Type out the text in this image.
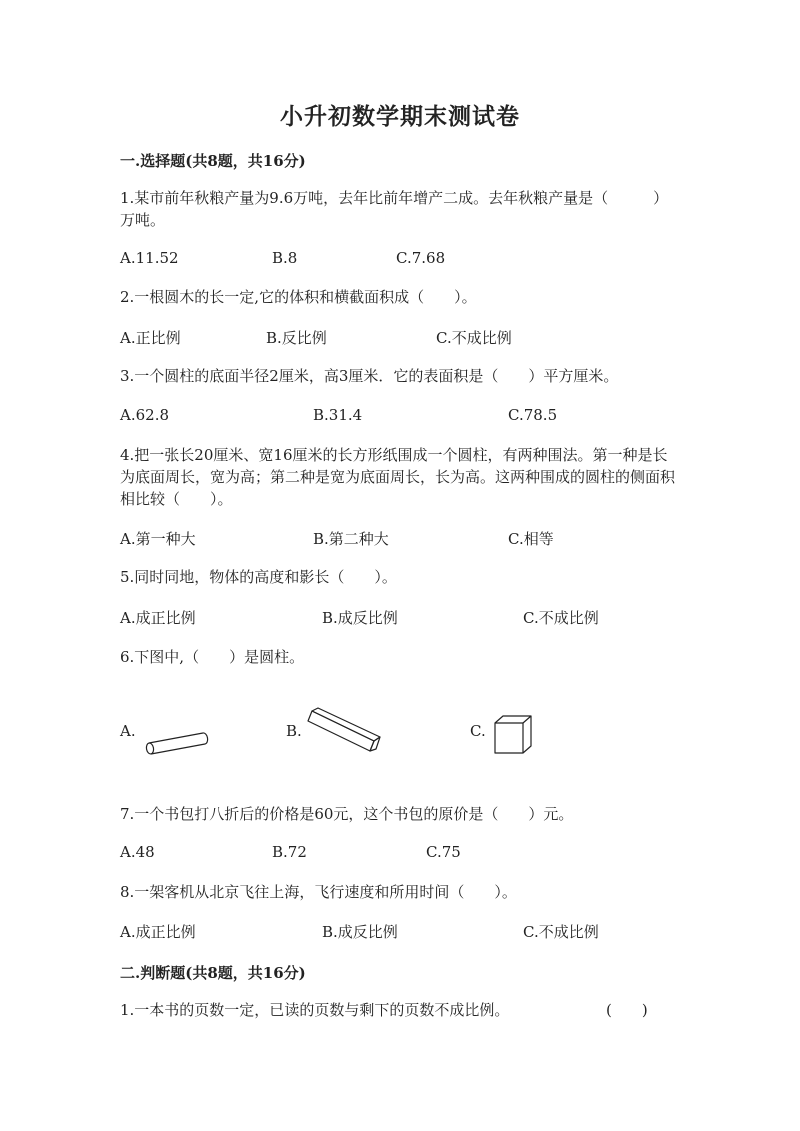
小升初数学期末测试卷

一.选择题(共8题，共16分)

1.某市前年秋粮产量为9.6万吨，去年比前年增产二成。去年秋粮产量是（　　　）万吨。

A.11.52	B.8	C.7.68

2.一根圆木的长一定,它的体积和横截面积成（　　）。

A.正比例	B.反比例	C.不成比例

3.一个圆柱的底面半径2厘米，高3厘米．它的表面积是（　　）平方厘米。

A.62.8	B.31.4	C.78.5

4.把一张长20厘米、宽16厘米的长方形纸围成一个圆柱，有两种围法。第一种是长为底面周长，宽为高；第二种是宽为底面周长，长为高。这两种围成的圆柱的侧面积相比较（　　）。

A.第一种大	B.第二种大	C.相等

5.同时同地，物体的高度和影长（　　）。

A.成正比例	B.成反比例	C.不成比例

6.下图中,（　　）是圆柱。

A.	B.	C.

7.一个书包打八折后的价格是60元，这个书包的原价是（　　）元。

A.48	B.72	C.75

8.一架客机从北京飞往上海，飞行速度和所用时间（　　）。

A.成正比例	B.成反比例	C.不成比例

二.判断题(共8题，共16分)

1.一本书的页数一定，已读的页数与剩下的页数不成比例。	(　　)
